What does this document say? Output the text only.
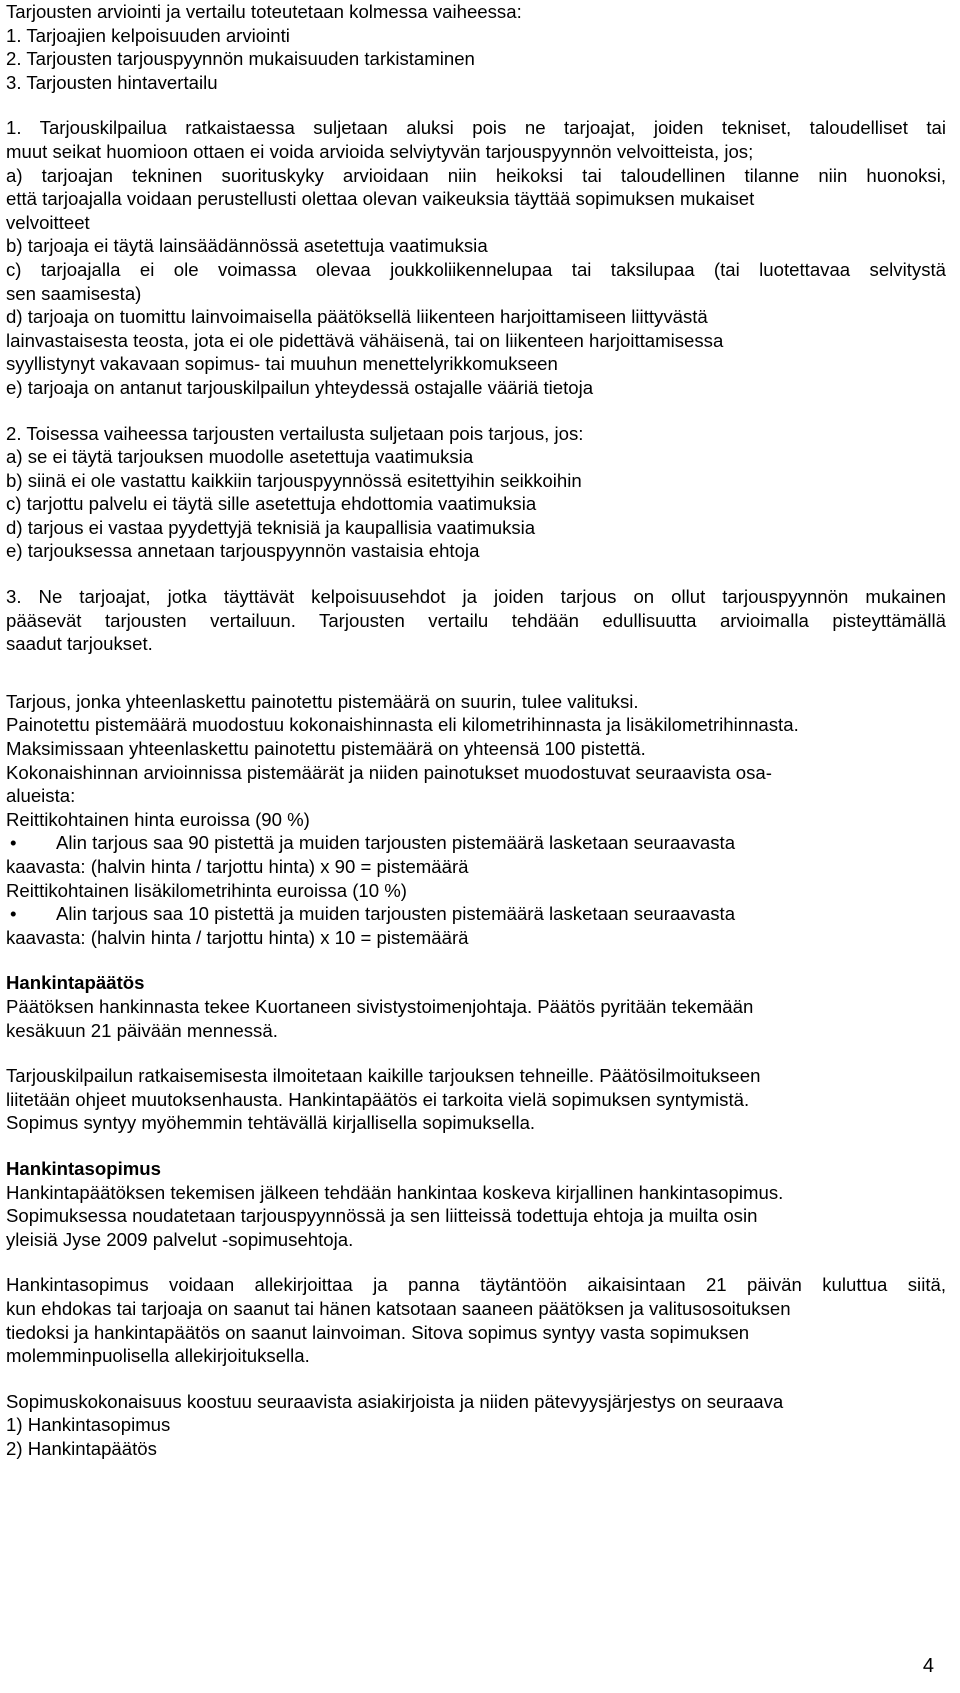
Tarjousten arviointi ja vertailu toteutetaan kolmessa vaiheessa:
1. Tarjoajien kelpoisuuden arviointi
2. Tarjousten tarjouspyynnön mukaisuuden tarkistaminen
3. Tarjousten hintavertailu
1. Tarjouskilpailua ratkaistaessa suljetaan aluksi pois ne tarjoajat, joiden tekniset, taloudelliset tai
muut seikat huomioon ottaen ei voida arvioida selviytyvän tarjouspyynnön velvoitteista, jos;
a) tarjoajan tekninen suorituskyky arvioidaan niin heikoksi tai taloudellinen tilanne niin huonoksi,
että tarjoajalla voidaan perustellusti olettaa olevan vaikeuksia täyttää sopimuksen mukaiset
velvoitteet
b) tarjoaja ei täytä lainsäädännössä asetettuja vaatimuksia
c) tarjoajalla ei ole voimassa olevaa joukkoliikennelupaa tai taksilupaa (tai luotettavaa selvitystä
sen saamisesta)
d) tarjoaja on tuomittu lainvoimaisella päätöksellä liikenteen harjoittamiseen liittyvästä
lainvastaisesta teosta, jota ei ole pidettävä vähäisenä, tai on liikenteen harjoittamisessa
syyllistynyt vakavaan sopimus- tai muuhun menettelyrikkomukseen
e) tarjoaja on antanut tarjouskilpailun yhteydessä ostajalle vääriä tietoja
2. Toisessa vaiheessa tarjousten vertailusta suljetaan pois tarjous, jos:
a) se ei täytä tarjouksen muodolle asetettuja vaatimuksia
b) siinä ei ole vastattu kaikkiin tarjouspyynnössä esitettyihin seikkoihin
c) tarjottu palvelu ei täytä sille asetettuja ehdottomia vaatimuksia
d) tarjous ei vastaa pyydettyjä teknisiä ja kaupallisia vaatimuksia
e) tarjouksessa annetaan tarjouspyynnön vastaisia ehtoja
3. Ne tarjoajat, jotka täyttävät kelpoisuusehdot ja joiden tarjous on ollut tarjouspyynnön mukainen
pääsevät tarjousten vertailuun. Tarjousten vertailu tehdään edullisuutta arvioimalla pisteyttämällä
saadut tarjoukset.
Tarjous, jonka yhteenlaskettu painotettu pistemäärä on suurin, tulee valituksi.
Painotettu pistemäärä muodostuu kokonaishinnasta eli kilometrihinnasta ja lisäkilometrihinnasta.
Maksimissaan yhteenlaskettu painotettu pistemäärä on yhteensä 100 pistettä.
Kokonaishinnan arvioinnissa pistemäärät ja niiden painotukset muodostuvat seuraavista osa-
alueista:
Reittikohtainen hinta euroissa (90 %)
• Alin tarjous saa 90 pistettä ja muiden tarjousten pistemäärä lasketaan seuraavasta
kaavasta: (halvin hinta / tarjottu hinta) x 90 = pistemäärä
Reittikohtainen lisäkilometrihinta euroissa (10 %)
• Alin tarjous saa 10 pistettä ja muiden tarjousten pistemäärä lasketaan seuraavasta
kaavasta: (halvin hinta / tarjottu hinta) x 10 = pistemäärä
Hankintapäätös
Päätöksen hankinnasta tekee Kuortaneen sivistystoimenjohtaja. Päätös pyritään tekemään
kesäkuun 21 päivään mennessä.
Tarjouskilpailun ratkaisemisesta ilmoitetaan kaikille tarjouksen tehneille. Päätösilmoitukseen
liitetään ohjeet muutoksenhausta. Hankintapäätös ei tarkoita vielä sopimuksen syntymistä.
Sopimus syntyy myöhemmin tehtävällä kirjallisella sopimuksella.
Hankintasopimus
Hankintapäätöksen tekemisen jälkeen tehdään hankintaa koskeva kirjallinen hankintasopimus.
Sopimuksessa noudatetaan tarjouspyynnössä ja sen liitteissä todettuja ehtoja ja muilta osin
yleisiä Jyse 2009 palvelut -sopimusehtoja.
Hankintasopimus voidaan allekirjoittaa ja panna täytäntöön aikaisintaan 21 päivän kuluttua siitä,
kun ehdokas tai tarjoaja on saanut tai hänen katsotaan saaneen päätöksen ja valitusosoituksen
tiedoksi ja hankintapäätös on saanut lainvoiman. Sitova sopimus syntyy vasta sopimuksen
molemminpuolisella allekirjoituksella.
Sopimuskokonaisuus koostuu seuraavista asiakirjoista ja niiden pätevyysjärjestys on seuraava
1) Hankintasopimus
2) Hankintapäätös
4
